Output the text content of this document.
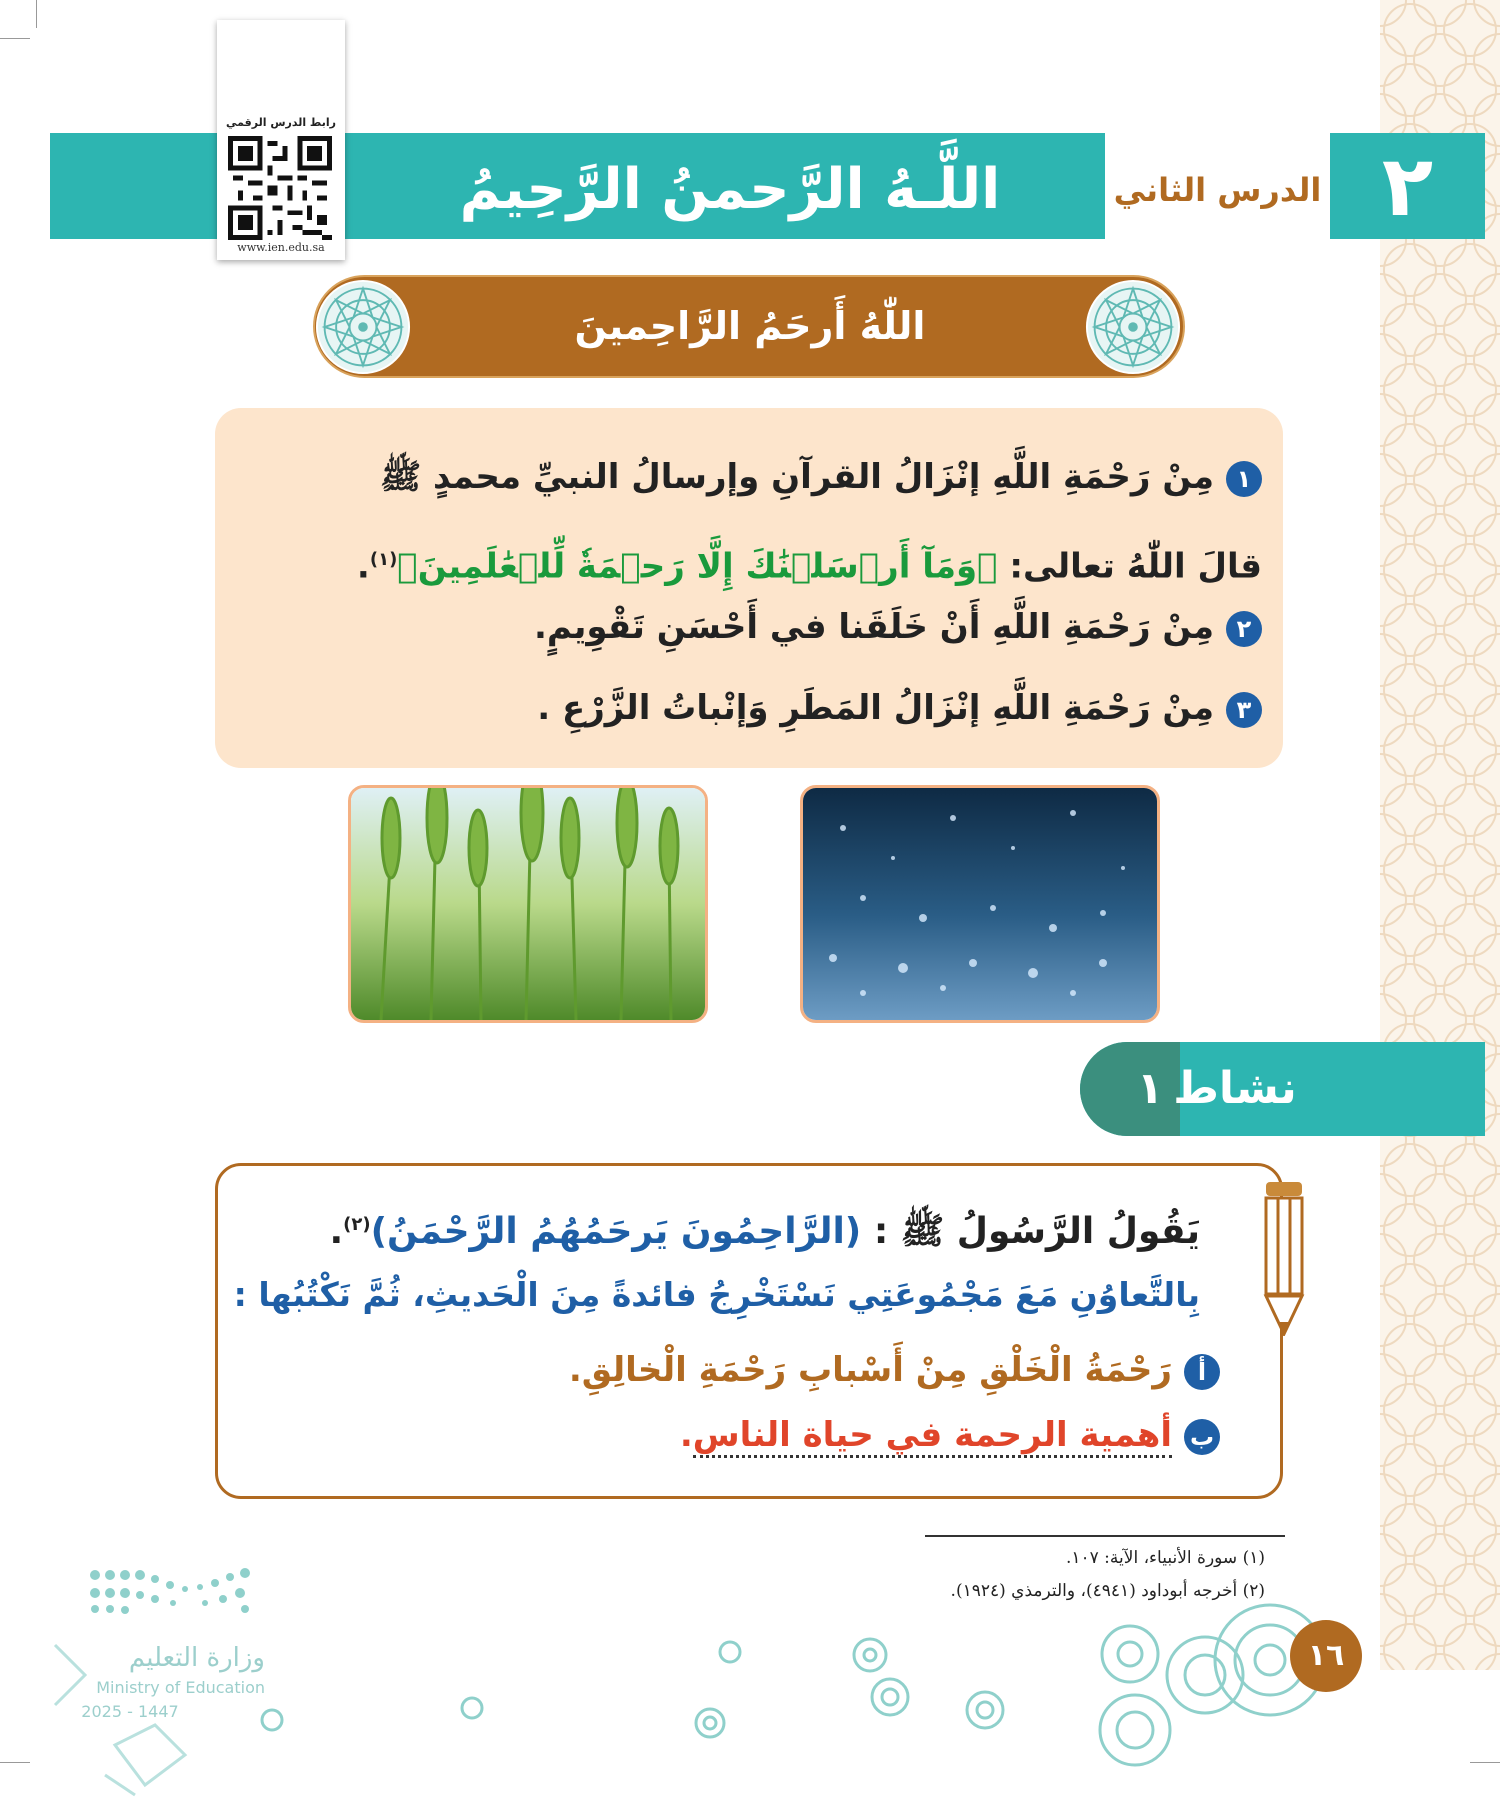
اللَّـهُ الرَّحمنُ الرَّحِيمُ	٢
الدرس الثاني
رابط الدرس الرقمي
www.ien.edu.sa
اللّٰهُ أَرحَمُ الرَّاحِمينَ
١مِنْ رَحْمَةِ اللَّهِ إنْزَالُ القرآنِ وإرسالُ النبيِّ محمدٍ ﷺ
قالَ اللّٰهُ تعالى: ﴿وَمَآ أَرۡسَلۡنَٰكَ إِلَّا رَحۡمَةٗ لِّلۡعَٰلَمِينَ﴾$^{(١)}$.
٢مِنْ رَحْمَةِ اللَّهِ أَنْ خَلَقَنا في أَحْسَنِ تَقْوِيمٍ.
٣مِنْ رَحْمَةِ اللَّهِ إنْزَالُ المَطَرِ وَإنْباتُ الزَّرْعِ .
١ نشاط
يَقُولُ الرَّسُولُ ﷺ : (الرَّاحِمُونَ يَرحَمُهُمُ الرَّحْمَنُ)$^{(٢)}$.
بِالتَّعاوُنِ مَعَ مَجْمُوعَتِي نَسْتَخْرِجُ فائدةً مِنَ الْحَديثِ، ثُمَّ نَكْتُبُها :
أرَحْمَةُ الْخَلْقِ مِنْ أَسْبابِ رَحْمَةِ الْخالِقِ.
بأهمية الرحمة في حياة الناس.
(١) سورة الأنبياء، الآية: ١٠٧.
(٢) أخرجه أبوداود (٤٩٤١)، والترمذي (١٩٢٤).
١٦
وزارة التعليم
Ministry of Education
2025 - 1447
